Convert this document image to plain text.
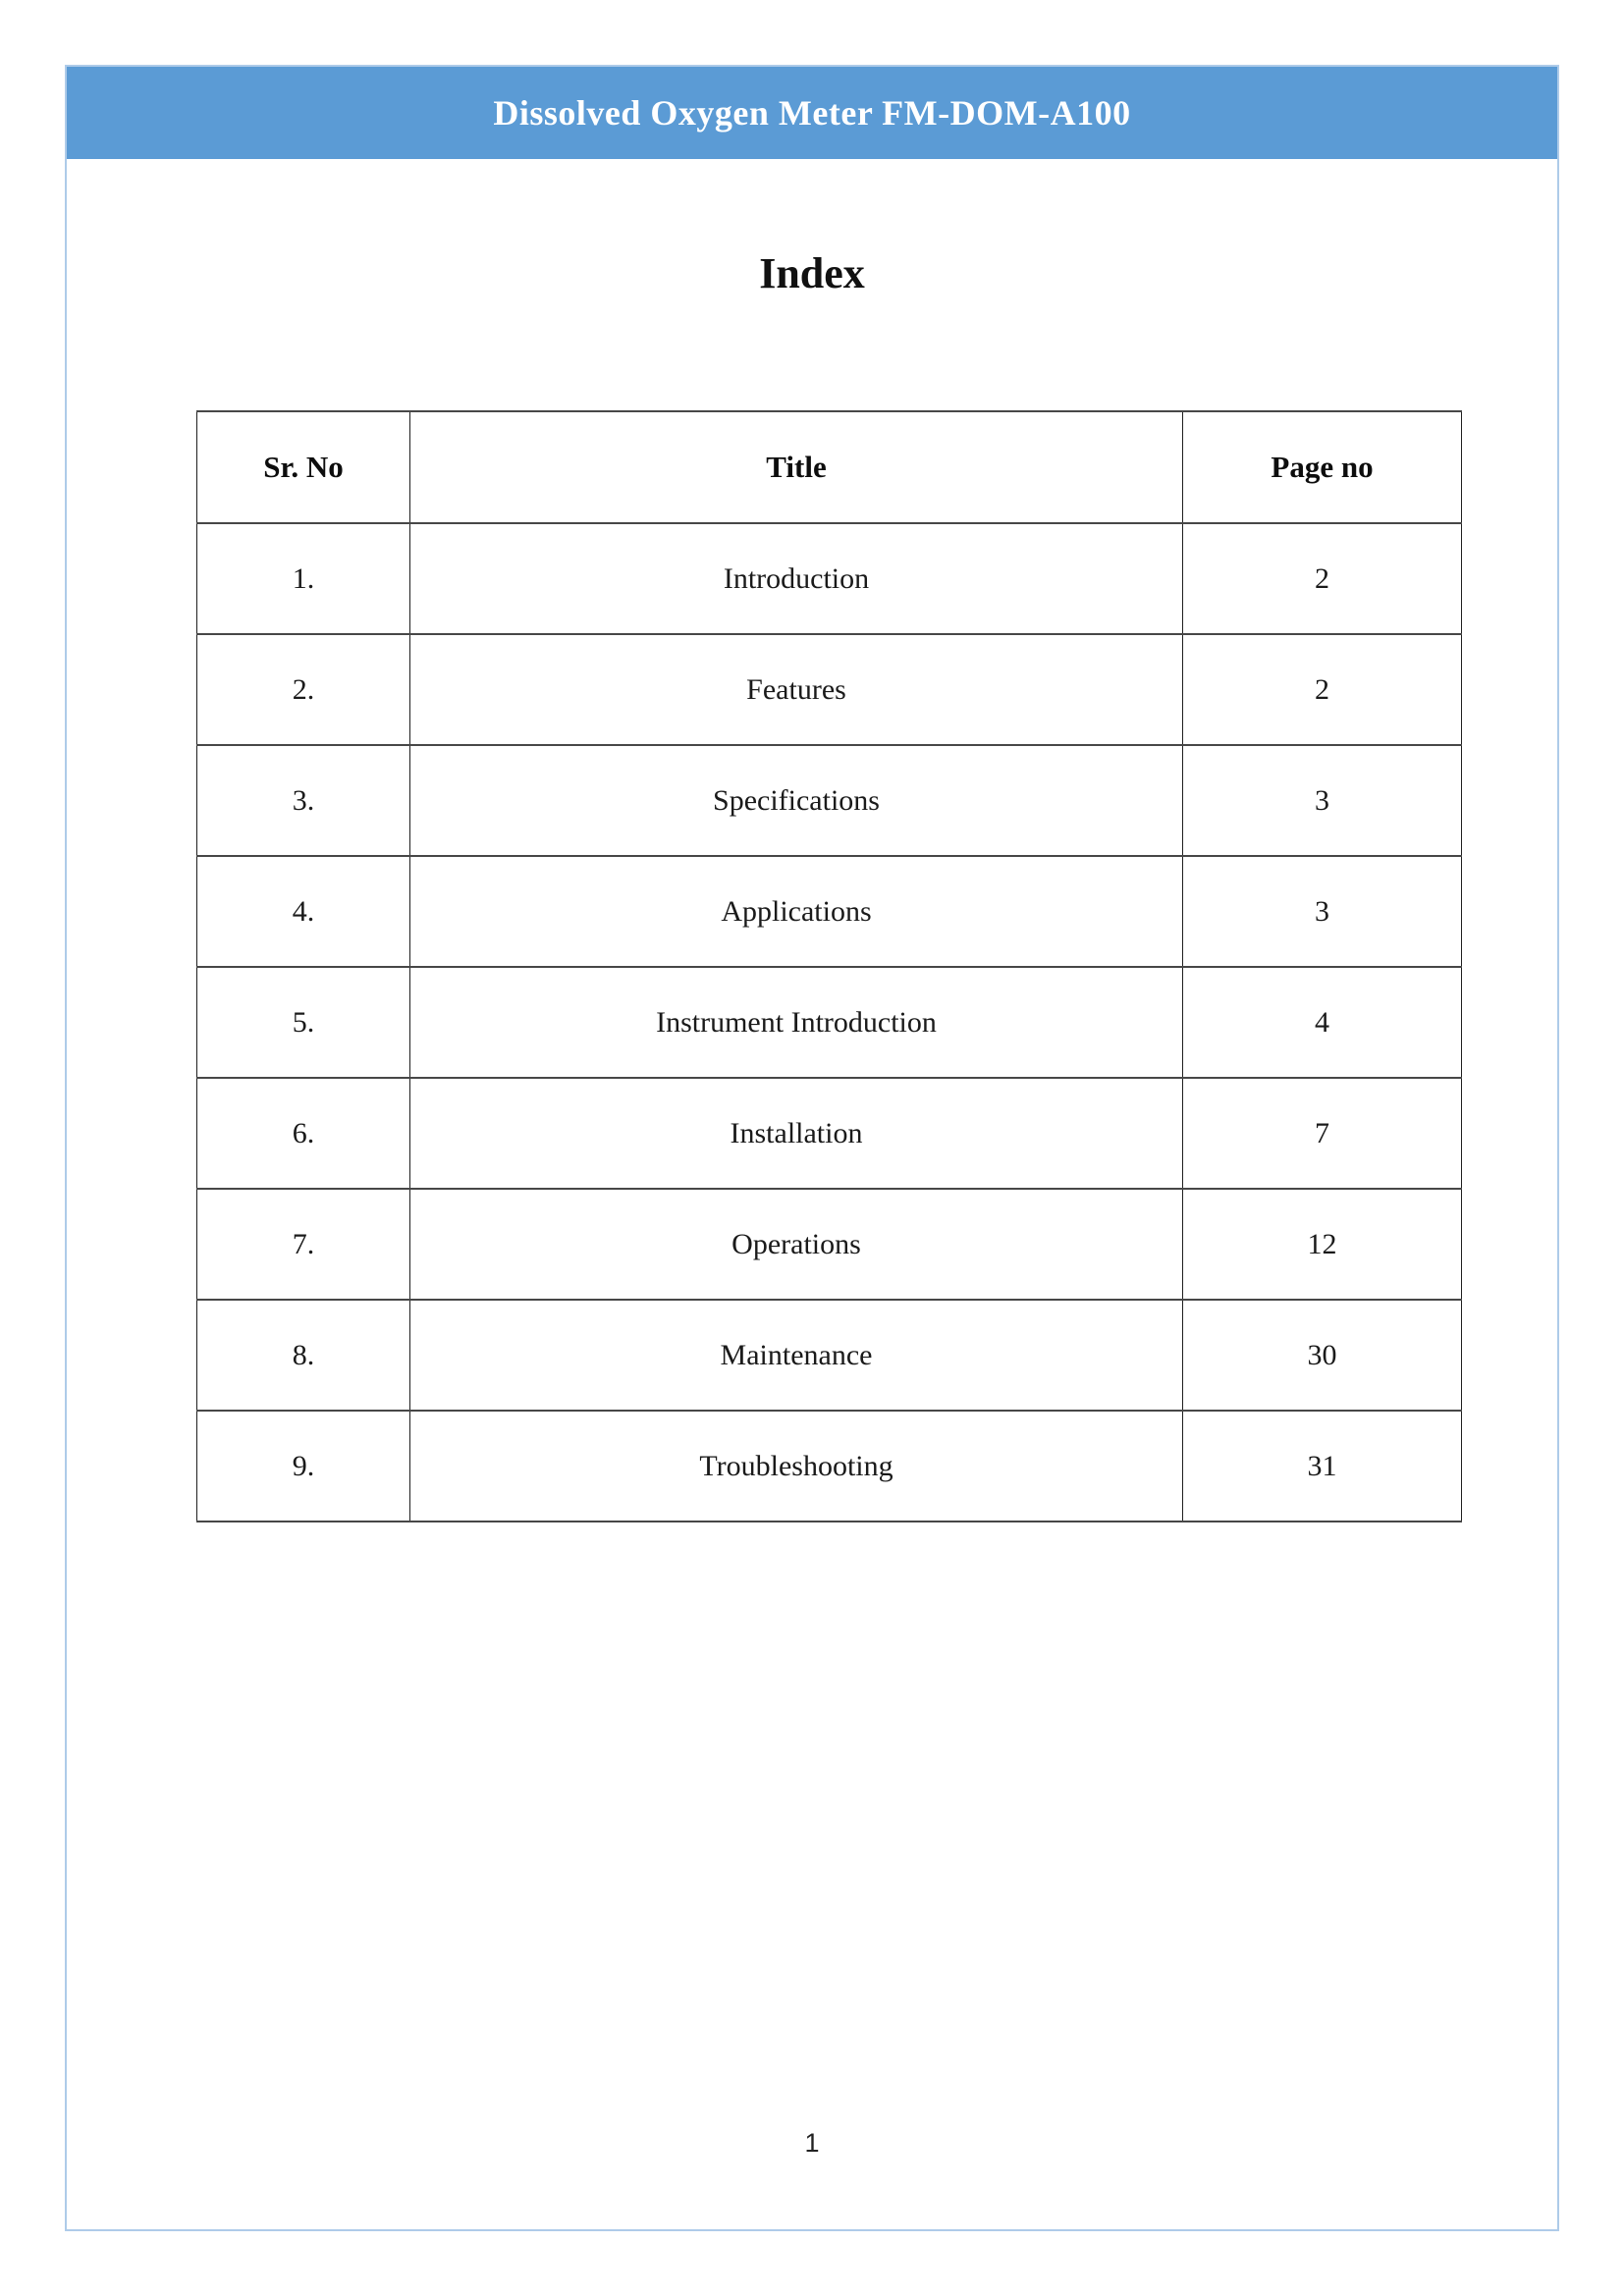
Dissolved Oxygen Meter FM-DOM-A100
Index
Sr. No	Title	Page no
1.	Introduction	2
2.	Features	2
3.	Specifications	3
4.	Applications	3
5.	Instrument Introduction	4
6.	Installation	7
7.	Operations	12
8.	Maintenance	30
9.	Troubleshooting	31
1
